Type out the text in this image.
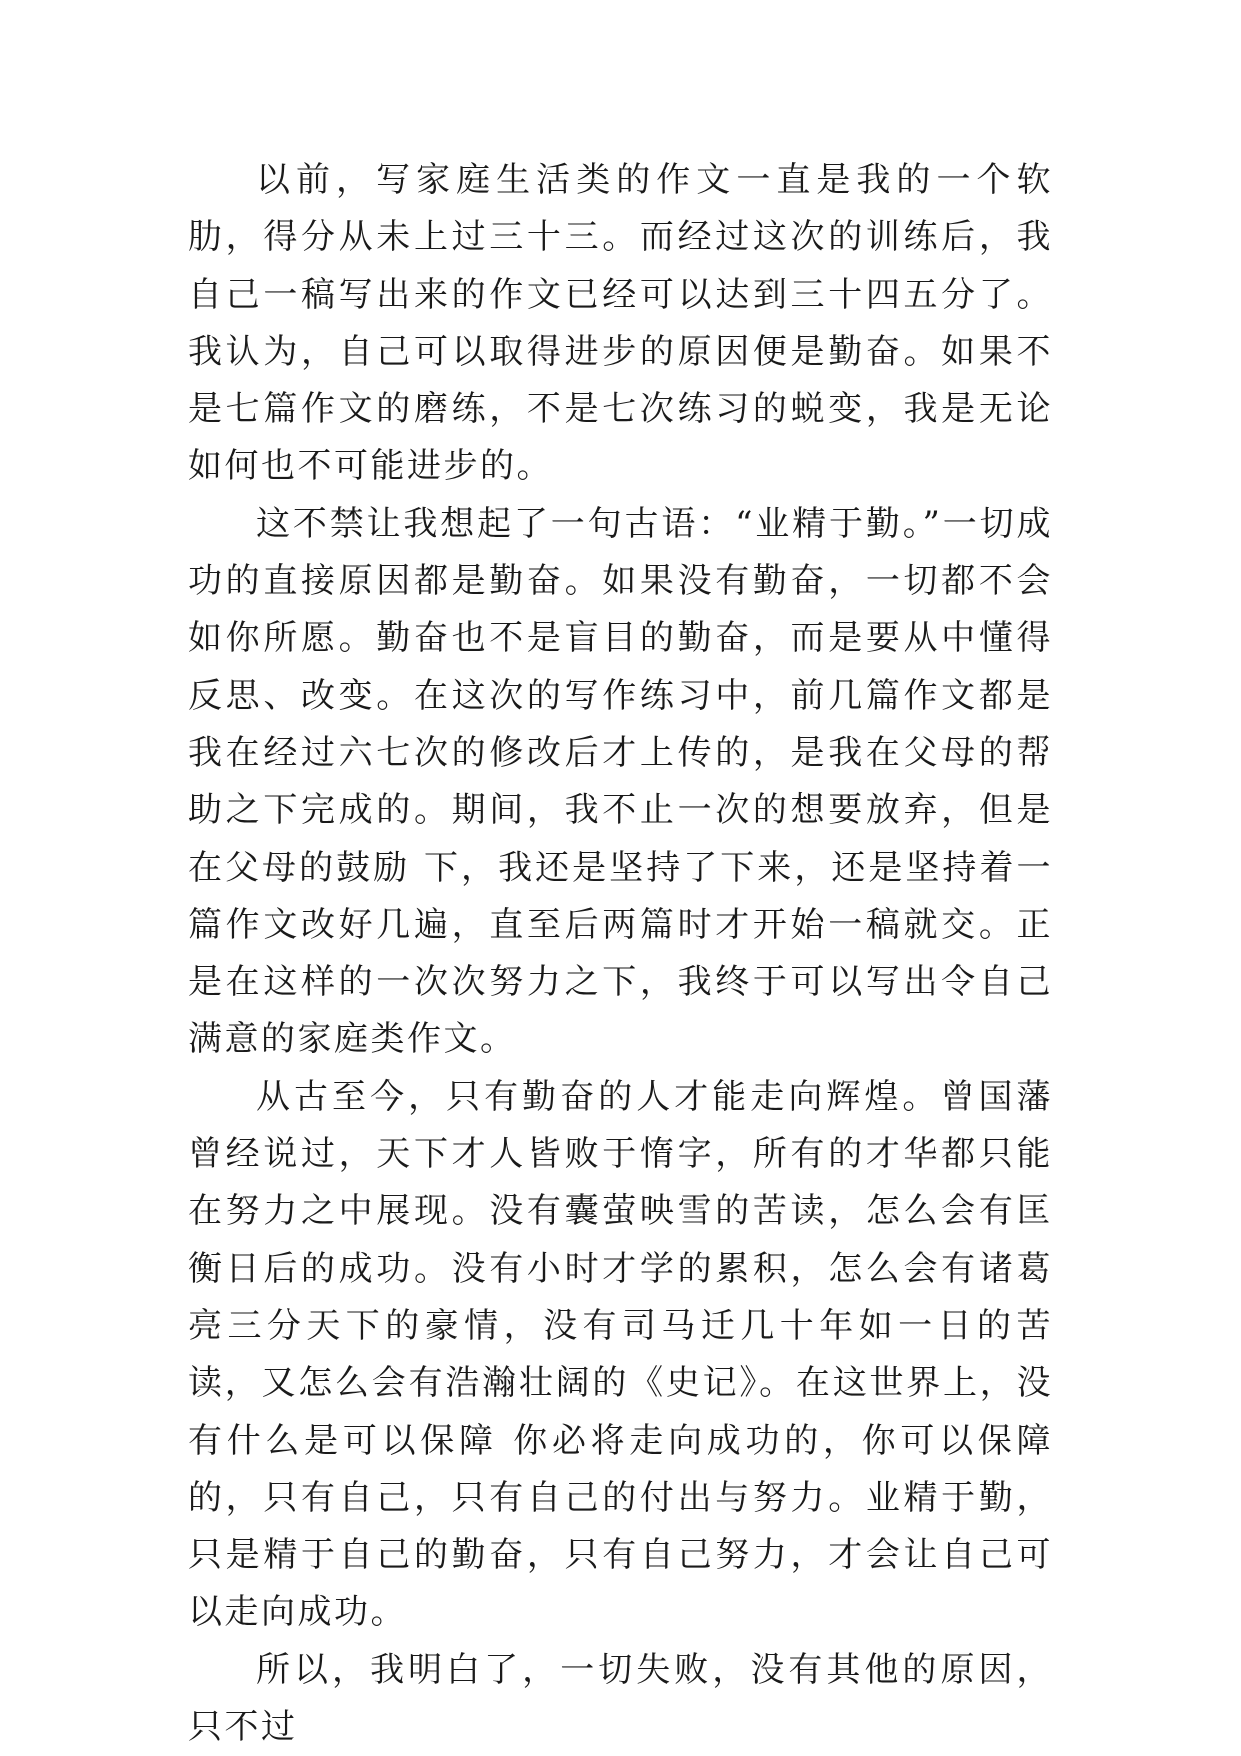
以前，写家庭生活类的作文一直是我的一个软肋，得分从未上过三十三。而经过这次的训练后，我自己一稿写出来的作文已经可以达到三十四五分了。我认为，自己可以取得进步的原因便是勤奋。如果不是七篇作文的磨练，不是七次练习的蜕变，我是无论如何也不可能进步的。

这不禁让我想起了一句古语：“业精于勤。”一切成功的直接原因都是勤奋。如果没有勤奋，一切都不会如你所愿。勤奋也不是盲目的勤奋，而是要从中懂得反思、改变。在这次的写作练习中，前几篇作文都是我在经过六七次的修改后才上传的，是我在父母的帮助之下完成的。期间，我不止一次的想要放弃，但是在父母的鼓励 下，我还是坚持了下来，还是坚持着一篇作文改好几遍，直至后两篇时才开始一稿就交。正是在这样的一次次努力之下，我终于可以写出令自己满意的家庭类作文。

从古至今，只有勤奋的人才能走向辉煌。曾国藩曾经说过，天下才人皆败于惰字，所有的才华都只能在努力之中展现。没有囊萤映雪的苦读，怎么会有匡衡日后的成功。没有小时才学的累积，怎么会有诸葛亮三分天下的豪情，没有司马迁几十年如一日的苦读，又怎么会有浩瀚壮阔的《史记》。在这世界上，没有什么是可以保障 你必将走向成功的，你可以保障的，只有自己，只有自己的付出与努力。业精于勤，只是精于自己的勤奋，只有自己努力，才会让自己可以走向成功。

所以，我明白了，一切失败，没有其他的原因，只不过
